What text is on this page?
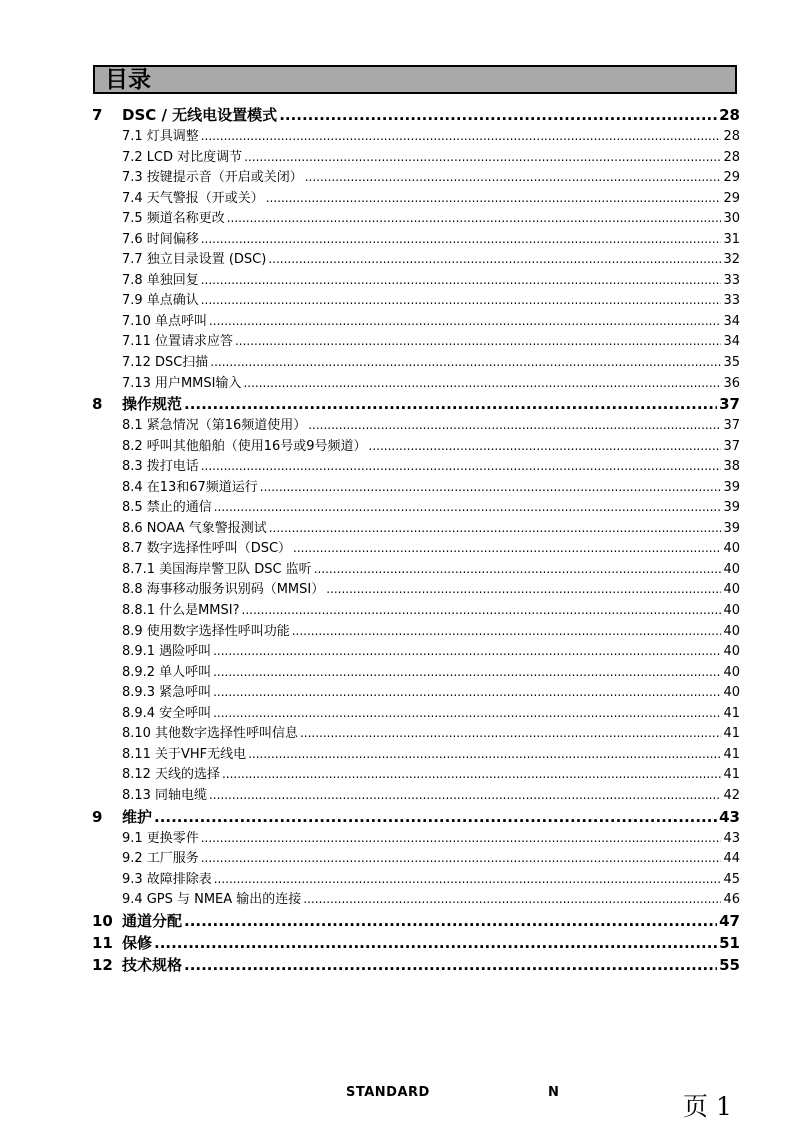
目录
7	DSC / 无线电设置模式 .....	28
7.1 灯具调整 .....	28
7.2 LCD 对比度调节 .....	28
7.3 按键提示音（开启或关闭） .....	29
7.4 天气警报（开或关） .....	29
7.5 频道名称更改 .....	30
7.6 时间偏移 .....	31
7.7 独立目录设置 (DSC) .....	32
7.8 单独回复 .....	33
7.9 单点确认 .....	33
7.10 单点呼叫 .....	34
7.11 位置请求应答 .....	34
7.12 DSC扫描 .....	35
7.13 用户MMSI输入 .....	36
8	操作规范 .....	37
8.1 紧急情况（第16频道使用） .....	37
8.2 呼叫其他船舶（使用16号或9号频道） .....	37
8.3 拨打电话 .....	38
8.4 在13和67频道运行 .....	39
8.5 禁止的通信 .....	39
8.6 NOAA 气象警报测试 .....	39
8.7 数字选择性呼叫（DSC） .....	40
8.7.1 美国海岸警卫队 DSC 监听 .....	40
8.8 海事移动服务识别码（MMSI） .....	40
8.8.1 什么是MMSI? .....	40
8.9 使用数字选择性呼叫功能 .....	40
8.9.1 遇险呼叫 .....	40
8.9.2 单人呼叫 .....	40
8.9.3 紧急呼叫 .....	40
8.9.4 安全呼叫 .....	41
8.10 其他数字选择性呼叫信息 .....	41
8.11 关于VHF无线电 .....	41
8.12 天线的选择 .....	41
8.13 同轴电缆 .....	42
9	维护 .....	43
9.1 更换零件 .....	43
9.2 工厂服务 .....	44
9.3 故障排除表 .....	45
9.4 GPS 与 NMEA 输出的连接 .....	46
10 通道分配 .....	47
11 保修 .....	51
12 技术规格 .....	55
STANDARD	N	页 1
